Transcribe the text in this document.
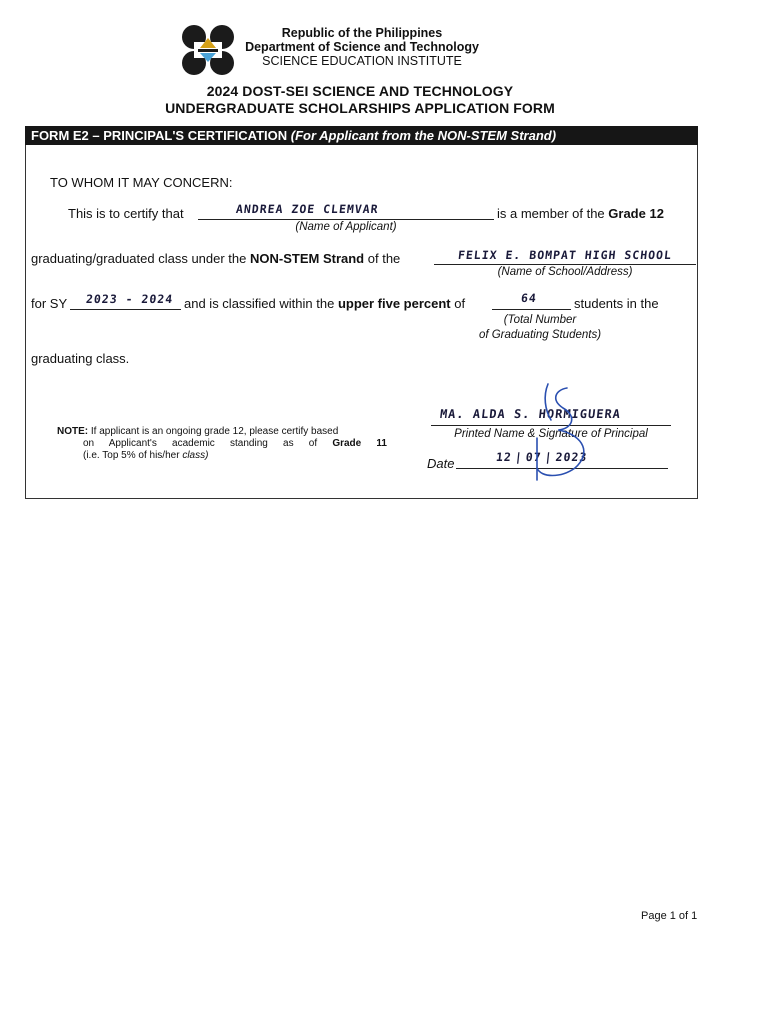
Republic of the Philippines
Department of Science and Technology
SCIENCE EDUCATION INSTITUTE
2024 DOST-SEI SCIENCE AND TECHNOLOGY
UNDERGRADUATE SCHOLARSHIPS APPLICATION FORM
FORM E2 – PRINCIPAL'S CERTIFICATION (For Applicant from the NON-STEM Strand)
TO WHOM IT MAY CONCERN:
This is to certify that	ANDREA ZOE CLEMVAR	is a member of the Grade 12
(Name of Applicant)
graduating/graduated class under the NON-STEM Strand of the	FELIX E. BOMPAT HIGH SCHOOL
(Name of School/Address)
for SY 2023 - 2024 and is classified within the upper five percent of	64	students in the
(Total Number
of Graduating Students)
graduating class.
NOTE: If applicant is an ongoing grade 12, please certify based
on Applicant's academic standing as of Grade 11
(i.e. Top 5% of his/her class)
MA. ALDA S. HORMIGUERA
Printed Name & Signature of Principal
Date	12 | 07 | 2023
Page 1 of 1
